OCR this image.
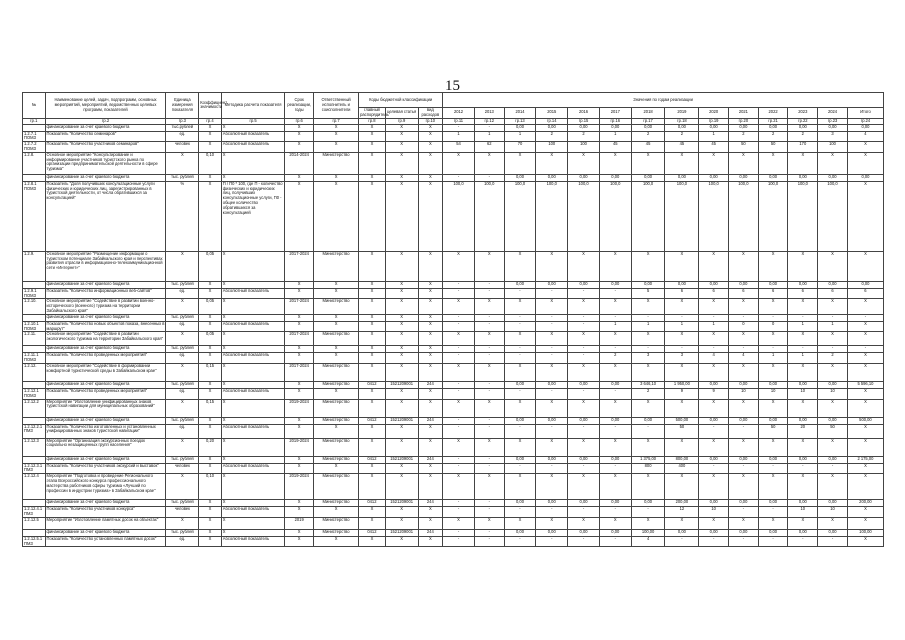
15
№	Наименование целей, задач, подпрограмм, основных мероприятий, мероприятий, ведомственных целевых программ, показателей	Единица измерения показателя	Коэффициент значимости	Методика расчета показателя	Срок реализации, годы	Ответственный исполнитель и соисполнители	Коды бюджетной классификации			Значения по годам реализации													
							главный распорядитель	целевая статья	вид расходов	2012	2013	2014	2015	2016	2017	2018	2019	2020	2021	2022	2023	2024	Итого
гр.1	гр.2	гр.3	гр.4	гр.5	гр.6	гр.7	гр.8	гр.9	гр.10	гр.11	гр.12	гр.13	гр.14	гр.15	гр.16	гр.17	гр.18	гр.19	гр.20	гр.21	гр.22	гр.23	гр.24
	финансирование за счет краевого бюджета	тыс.рублей	Х	Х	Х	Х	Х	Х	Х	-	-	0,00	0,00	0,00	0,00	0,00	0,00	0,00	0,00	0,00	0,00	0,00	0,00
1.2.7.1 ПОМЗ	Показатель "Количество семинаров"	ед.	Х	Абсолютный показатель	Х	Х	Х	Х	Х	1	1	1	2	2	1	2	2	1	2	2	2	3	4
1.2.7.2 ПОМЗ	Показатель "Количество участников семинаров"	человек	Х	Абсолютный показатель	Х	Х	Х	Х	Х	54	62	70	100	100	45	45	45	45	50	50	170	100	Х
1.2.8.	Основное мероприятие "Консультирование и информирование участников туристского рынка по организации предпринимательской деятельности в сфере туризма"	Х	0,10	Х	2014-2024	Министерство	Х	Х	Х	Х	Х	Х	Х	Х	Х	Х	Х	Х	Х	Х	Х	Х	Х
	финансирование за счет краевого бюджета	тыс. рублей	Х	Х	Х	Х	Х	Х	Х	-	-	0,00	0,00	0,00	0,00	0,00	0,00	0,00	0,00	0,00	0,00	0,00	0,00
1.2.8.1 ПОМЗ	Показатель "Доля получивших консультационные услуги физических и юридических лиц, зарегистрированных в туристской деятельности, от числа обратившихся за консультацией"	%	Х	П / П0 * 100, где П - количество физических и юридических лиц, получивших консультационные услуги, П0 - общее количество обратившихся за консультацией	Х	Х	Х	Х	Х	100,0	100,0	100,0	100,0	100,0	100,0	100,0	100,0	100,0	100,0	100,0	100,0	100,0	Х
1.2.9.	Основное мероприятие "Размещение информации о туристском потенциале Забайкальского края и перспективах развития отрасли в информационно-телекоммуникационной сети «Интернет»"	Х	0,05	Х	2017-2024	Министерство	Х	Х	Х	Х	Х	Х	Х	Х	Х	Х	Х	Х	Х	Х	Х	Х	Х
	финансирование за счет краевого бюджета	тыс. рублей	Х	Х	Х	Х	Х	Х	Х	-	-	0,00	0,00	0,00	0,00	0,00	0,00	0,00	0,00	0,00	0,00	0,00	0,00
1.2.9.1 ПОМЗ	Показатель "Количество информационных веб-сайтов"	ед.	Х	Абсолютный показатель	Х	Х	Х	Х	Х	-	-	-	-	-	-	5	6	6	6	6	6	6	6
1.2.10.	Основное мероприятие "Содействие в развитии военно-исторического (военного) туризма на территории Забайкальского края"	Х	0,05	Х	2017-2024	Министерство	Х	Х	Х	Х	Х	Х	Х	Х	Х	Х	Х	Х	Х	Х	Х	Х	Х
	финансирование за счет краевого бюджета	тыс. рублей	Х	Х	Х	Х	Х	Х	Х	-	-	-	-	-	-	-	-	-	-	-	-	-	-
1.2.10.1 ПОМЗ	Показатель "Количество новых объектов показа, внесенных в маршрут"	ед.	Х	Абсолютный показатель	Х	Х	Х	Х	Х	-	-	-	-	-	1	1	1	1	0	0	1	1	Х
1.2.11.	Основное мероприятие "Содействие в развитии экологического туризма на территории Забайкальского края"	Х	0,05	Х	2017-2024	Министерство	Х	Х	Х	Х	Х	Х	Х	Х	Х	Х	Х	Х	Х	Х	Х	Х	Х
	финансирование за счет краевого бюджета	тыс. рублей	Х	Х	Х	Х	Х	Х	Х	-	-	-	-	-	-	-	-	-	-	-	-	-	-
1.2.11.1 ПОМЗ	Показатель "Количество проведенных мероприятий"	ед.	Х	Абсолютный показатель	Х	Х	Х	Х	Х	-	-	-	-	-	2	3	3	4	4	1	1	2	Х
1.2.12.	Основное мероприятие "Содействие в формировании комфортной туристической среды в Забайкальском крае"	Х	0,15	Х	2017-2024	Министерство	Х	Х	Х	Х	Х	Х	Х	Х	Х	Х	Х	Х	Х	Х	Х	Х	Х
	финансирование за счет краевого бюджета	тыс. рублей	Х	Х	Х	Министерство	0412	1521209001	244	-	-	0,00	0,00	0,00	0,00	3 646,10	1 950,00	0,00	0,00	0,00	0,00	0,00	5 596,10
1.2.12.1 ПОМЗ	Показатель "Количество проведенных мероприятий"	ед.	Х	Абсолютный показатель	Х	Х	Х	Х	Х	-	-	-	-	-	-	2	9	9	10	10	10	10	Х
1.2.12.2	Мероприятие "Изготовление унифицированных знаков туристской навигации для муниципальных образований"	Х	0,15	Х	2019-2024	Министерство	Х	Х	Х	Х	Х	Х	Х	Х	Х	Х	Х	Х	Х	Х	Х	Х	Х
	финансирование за счет краевого бюджета	тыс. рублей	Х	Х	Х	Министерство	0412	1521209001	244	-	-	0,00	0,00	0,00	0,00	0,00	500,00	0,00	0,00	0,00	0,00	0,00	500,00
1.2.12.2.1 ПМЗ	Показатель "Количество изготовленных и установленных унифицированных знаков туристской навигации"	ед.	Х	Абсолютный показатель	Х	Х	Х	Х	Х	-	-	-	-	-	-	-	50	-	-	50	20	50	Х
1.2.12.3	Мероприятие "Организация экскурсионных поездок социально незащищенных групп населения"	Х	0,20	Х	2019-2024	Министерство	Х	Х	Х	Х	Х	Х	Х	Х	Х	Х	Х	Х	Х	Х	Х	Х	Х
	финансирование за счет краевого бюджета	тыс. рублей	Х	Х	Х	Министерство	0412	1521209001	244	-	-	0,00	0,00	0,00	0,00	1 375,00	800,00	0,00	0,00	0,00	0,00	0,00	2 175,00
1.2.12.3.1 ПМЗ	Показатель "Количество участников экскурсий и выставок"	человек	Х	Абсолютный показатель	Х	Х	Х	Х	Х	-	-	-	-	-	-	800	400	-	-	-	-	-	Х
1.2.12.4	Мероприятие "Подготовка и проведение Регионального этапа Всероссийского конкурса профессионального мастерства работников сферы туризма «Лучший по профессии в индустрии туризма» в Забайкальском крае"	Х	0,10	Х	2019-2024	Министерство	Х	Х	Х	Х	Х	Х	Х	Х	Х	Х	Х	Х	Х	Х	Х	Х	Х
	финансирование за счет краевого бюджета	тыс. рублей	Х	Х	Х	Министерство	0412	1521209001	244	-	-	0,00	0,00	0,00	0,00	0,00	200,00	0,00	0,00	0,00	0,00	0,00	200,00
1.2.12.4.1 ПМЗ	Показатель "Количество участников конкурса"	человек	Х	Абсолютный показатель	Х	Х	Х	Х	Х	-	-	-	-	-	-	-	12	10	-	-	10	10	Х
1.2.12.5	Мероприятие "Изготовление памятных досок на объектах"	Х	Х	Х	2019	Министерство	Х	Х	Х	Х	Х	Х	Х	Х	Х	Х	Х	Х	Х	Х	Х	Х	Х
	финансирование за счет краевого бюджета	тыс. рублей	Х	Х	Х	Министерство	0412	1521209001	244	-	-	0,00	0,00	0,00	0,00	100,00	0,00	0,00	0,00	0,00	0,00	0,00	100,00
1.2.12.5.1 ПМЗ	Показатель "Количество установленных памятных досок"	ед.	Х	Абсолютный показатель	Х	Х	Х	Х	Х	-	-	-	-	-	-	4	-	-	-	-	-	-	Х
